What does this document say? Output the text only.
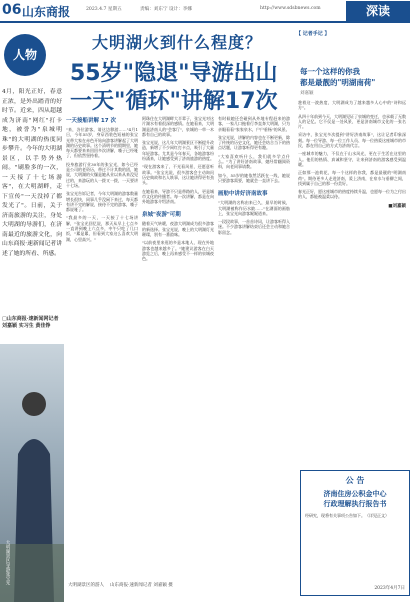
06 山东商报	2023.4.7 星期五	责编：刘东宁 设计：李娜	http://www.sdsbnews.com	深读
人物
4月，阳光正好，春意正浓，是外出踏青的好时节。近来，四从超越成为济南"网红"打卡地，被誉为"泉城明珠"的大明湖的热度同步攀升。今年的大明湖景区，以手势外热闹。"刷脸多的一次，一天接了十七场游客"，在大明湖畔，走下宣传"一天没掉了都发光了"。日前，关于济南旅游的关注，身处大明湖的导游们，在济南最近的旅游文化，向山东商报·速新闻记者讲述了她的所看、所感。
□山东商报·速新闻网记者 刘嘉颖 实习生 黄佳铮
大明湖景区导游张宝光
大明湖火到什么程度？
55岁"隐退"导游出山
一天"循环"讲解17次
一天接船讲解 17 次

"来，各位游客，请这边移游……"4月1日，今年55岁，身穿西装色短袖的张宝光带大家在赤色开始向游客讲解起了大明湖的历史故事。这个清明节的假期里，她每天都要来来回回多次讲解，嗓子已经哑了，但依然坚持着。

投身旅游行业30年的张宝光，如今已经是公司的老资历，带过不计其数的团，她说，大明湖的火爆是她从业以来从来没见过的，来游玩的人一拨又一拨，一天要讲十七场。

张宝光告诉记者，今年大明湖的游客数量增长很快，同事几乎没闲下来过，每天都有讲不完的解说，接待不完的游客，嗓子都说哑了。

"我最多的一天，一天接了十七场讲解，"张宝光回忆说，那天从早上七点多一直讲到晚上六点多，中午只吃了几口饭，"累是累，但看到大家这么喜欢大明湖，心里高兴。"

阿珠住在大明湖畔大半辈子，张宝光对这片湖水有着很深的感情。在她看来，大明湖是济南人的"会客厅"，泉城的一草一木都有自己的故事。

张宝光说，这几年大明湖景区不断提升改造，新增了不少网红打卡点，吸引了大量年轻游客。尤其是今年春天，各地游客纷纷涌来，让她感受到了济南旅游的热度。

"现在游客来了，不光看风景，还愿意听故事。"张宝光说，很多游客会主动询问历史典故和名人轶事，这让她讲得更有劲头。

在她看来，导游不只是带路的人，更是城市文化的传播者。每一次讲解，都是在向外地游客介绍济南。

泉城"夜游"可期

随着天气转暖，夜游大明湖成为很多游客的新选择。张宝光说，晚上的大明湖灯光璀璨，别有一番韵味。

"以前夜里来逛的多是本地人，现在外地游客也越来越多了。"她建议游客在白天游览之后，晚上再来感受不一样的泉城夜色。

有时候她还会碰到从外地专程赶来的游客，一家几口拖着行李直奔大明湖，只为亲眼看看"家家泉水，户户垂杨"的风景。

张宝光说，讲解的内容也在不断更新，除了传统的历史文化，她还会结合当下的热点话题，让游客听得更有趣。

"大家喜欢听什么，我们就多学点什么。"为了讲好济南故事，她经常翻阅资料，向老同事请教。

如今，55岁的她依然活跃在一线，她说只要游客需要，她就会一直讲下去。

画舫中讲好济南故事

"大明湖的名称由来已久，最早的时候，大明湖被称作历水陂……"在湖面的画舫上，张宝光向游客娓娓道来。

一段段故事，一首首诗词，让游客听得入迷。不少游客讲解结束后还会主动和她合影留念。

【 记者手记 】
每一个这样的你我
都是最靓的"明湖南荷"
刘嘉颖

趁着这一波热度，大明湖成为了越来越多人心中的"诗和远方"。

从四十年前到今天，大明湖见证了泉城的变迁，也承载了无数人的记忆。它不仅是一处风景，更是济南城市文化的一张名片。

采访中，张宝光多次提到"讲好济南故事"，这让记者印象深刻。每一位导游、每一位工作人员、每一位热爱这座城市的市民，都在用自己的方式为济南代言。

一座城市的魅力，不仅在于山水风光，更在于生活在这里的人。他们的热情、真诚和坚守，让来到济南的游客感受到温暖。

正如那一池荷花，每一个这样的你我，都是最靓的"明湖南荷"。期待更多人走进济南，爱上济南，在泉水与垂柳之间，找到属于自己的那一份美好。

春光正好，愿这座城市的热度持续升温，也愿每一位为之付出的人，都能被温柔以待。

■刘嘉颖
公 告
济南住房公积金中心
行政理解执行报告书
经研究，现将有关事项公告如下。（详见正文）
2023年4月7日
大明湖景区的游人 山东商报·速新闻记者 刘嘉颖 摄
